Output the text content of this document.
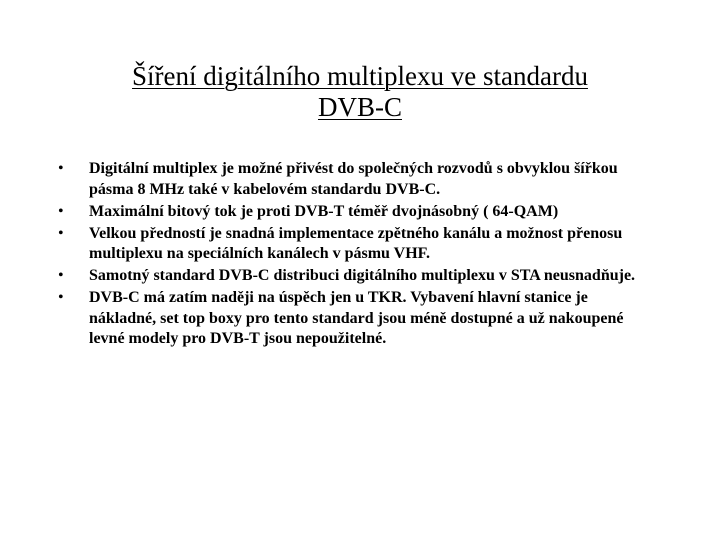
Šíření digitálního multiplexu ve standardu
DVB-C
• Digitální multiplex je možné přivést do společných rozvodů s obvyklou šířkou pásma 8 MHz také v kabelovém standardu DVB-C.
• Maximální bitový tok je proti DVB-T téměř dvojnásobný ( 64-QAM)
• Velkou předností je snadná implementace zpětného kanálu a možnost přenosu multiplexu na speciálních kanálech v pásmu VHF.
• Samotný standard DVB-C distribuci digitálního multiplexu v STA neusnadňuje.
• DVB-C má zatím naději na úspěch jen u TKR. Vybavení hlavní stanice je nákladné, set top boxy pro tento standard jsou méně dostupné a už nakoupené levné modely pro DVB-T jsou nepoužitelné.
